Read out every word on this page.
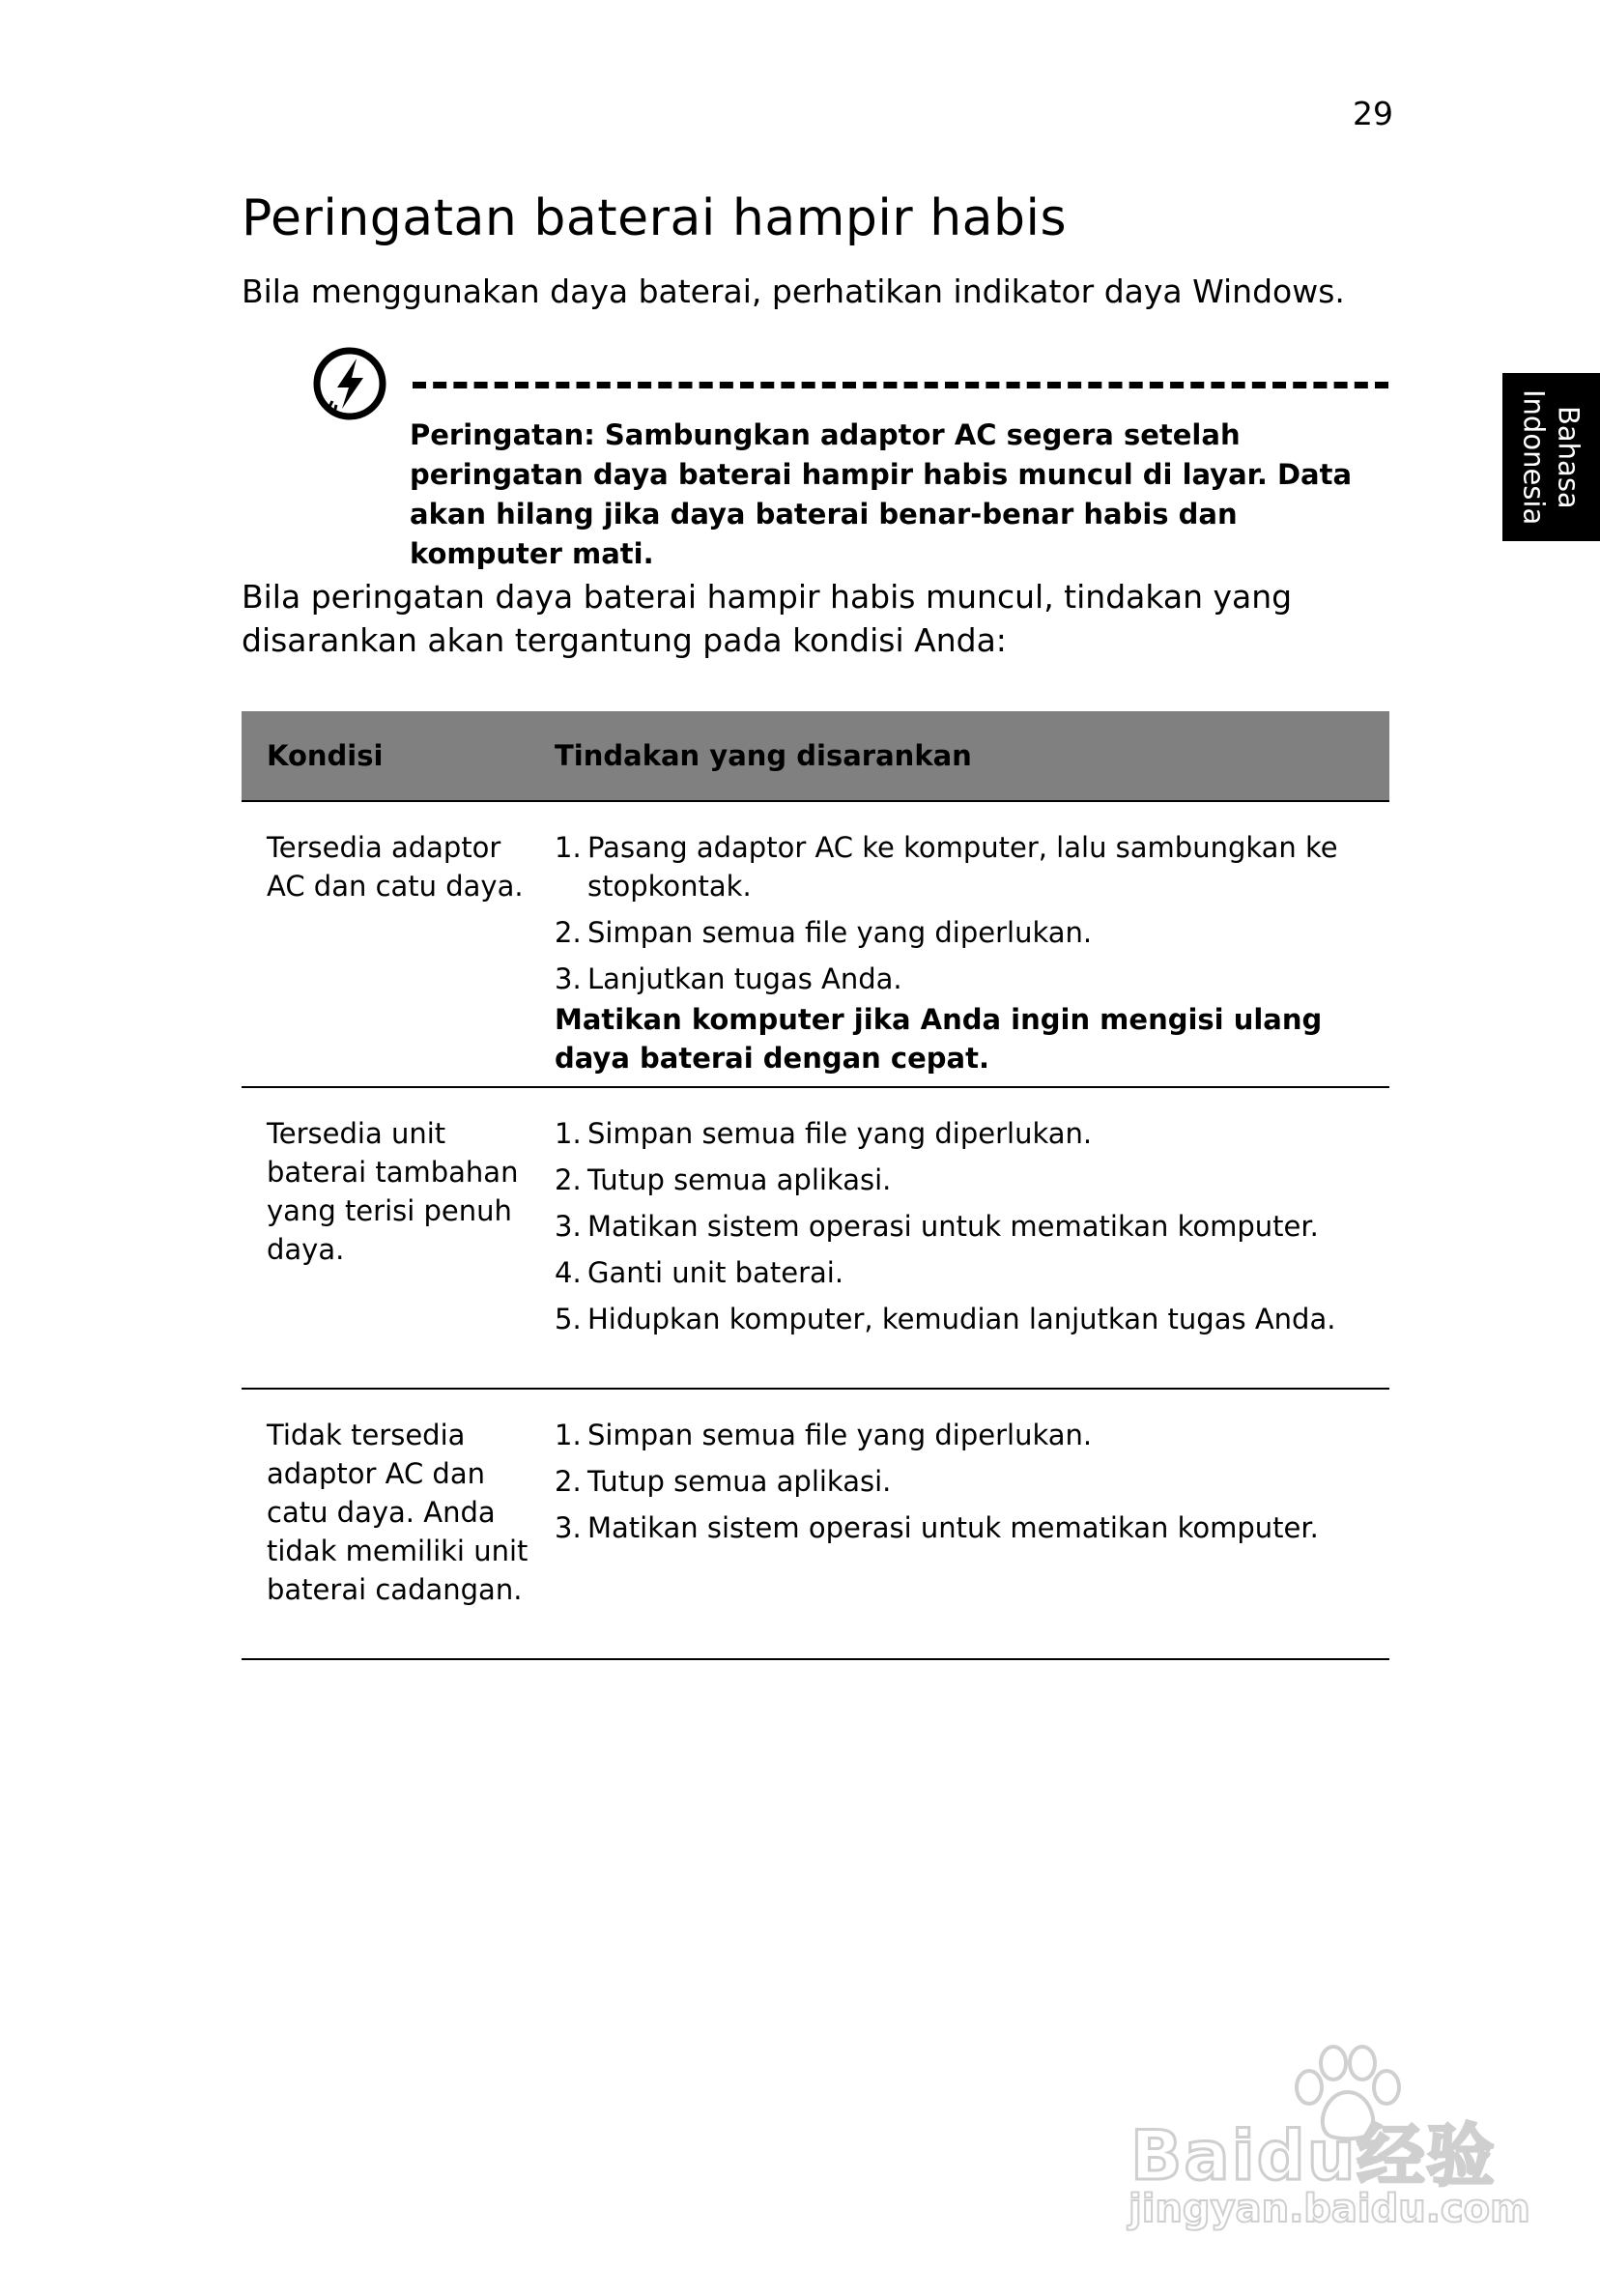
29
Bahasa
Indonesia
Peringatan baterai hampir habis

Bila menggunakan daya baterai, perhatikan indikator daya Windows.

Peringatan: Sambungkan adaptor AC segera setelah peringatan daya baterai hampir habis muncul di layar. Data akan hilang jika daya baterai benar-benar habis dan komputer mati.

Bila peringatan daya baterai hampir habis muncul, tindakan yang disarankan akan tergantung pada kondisi Anda:

Kondisi	Tindakan yang disarankan
Tersedia adaptor AC dan catu daya.
1. Pasang adaptor AC ke komputer, lalu sambungkan ke stopkontak.
2. Simpan semua file yang diperlukan.
3. Lanjutkan tugas Anda.
Matikan komputer jika Anda ingin mengisi ulang daya baterai dengan cepat.
Tersedia unit baterai tambahan yang terisi penuh daya.
1. Simpan semua file yang diperlukan.
2. Tutup semua aplikasi.
3. Matikan sistem operasi untuk mematikan komputer.
4. Ganti unit baterai.
5. Hidupkan komputer, kemudian lanjutkan tugas Anda.
Tidak tersedia adaptor AC dan catu daya. Anda tidak memiliki unit baterai cadangan.
1. Simpan semua file yang diperlukan.
2. Tutup semua aplikasi.
3. Matikan sistem operasi untuk mematikan komputer.
Baidu经验
jingyan.baidu.com
